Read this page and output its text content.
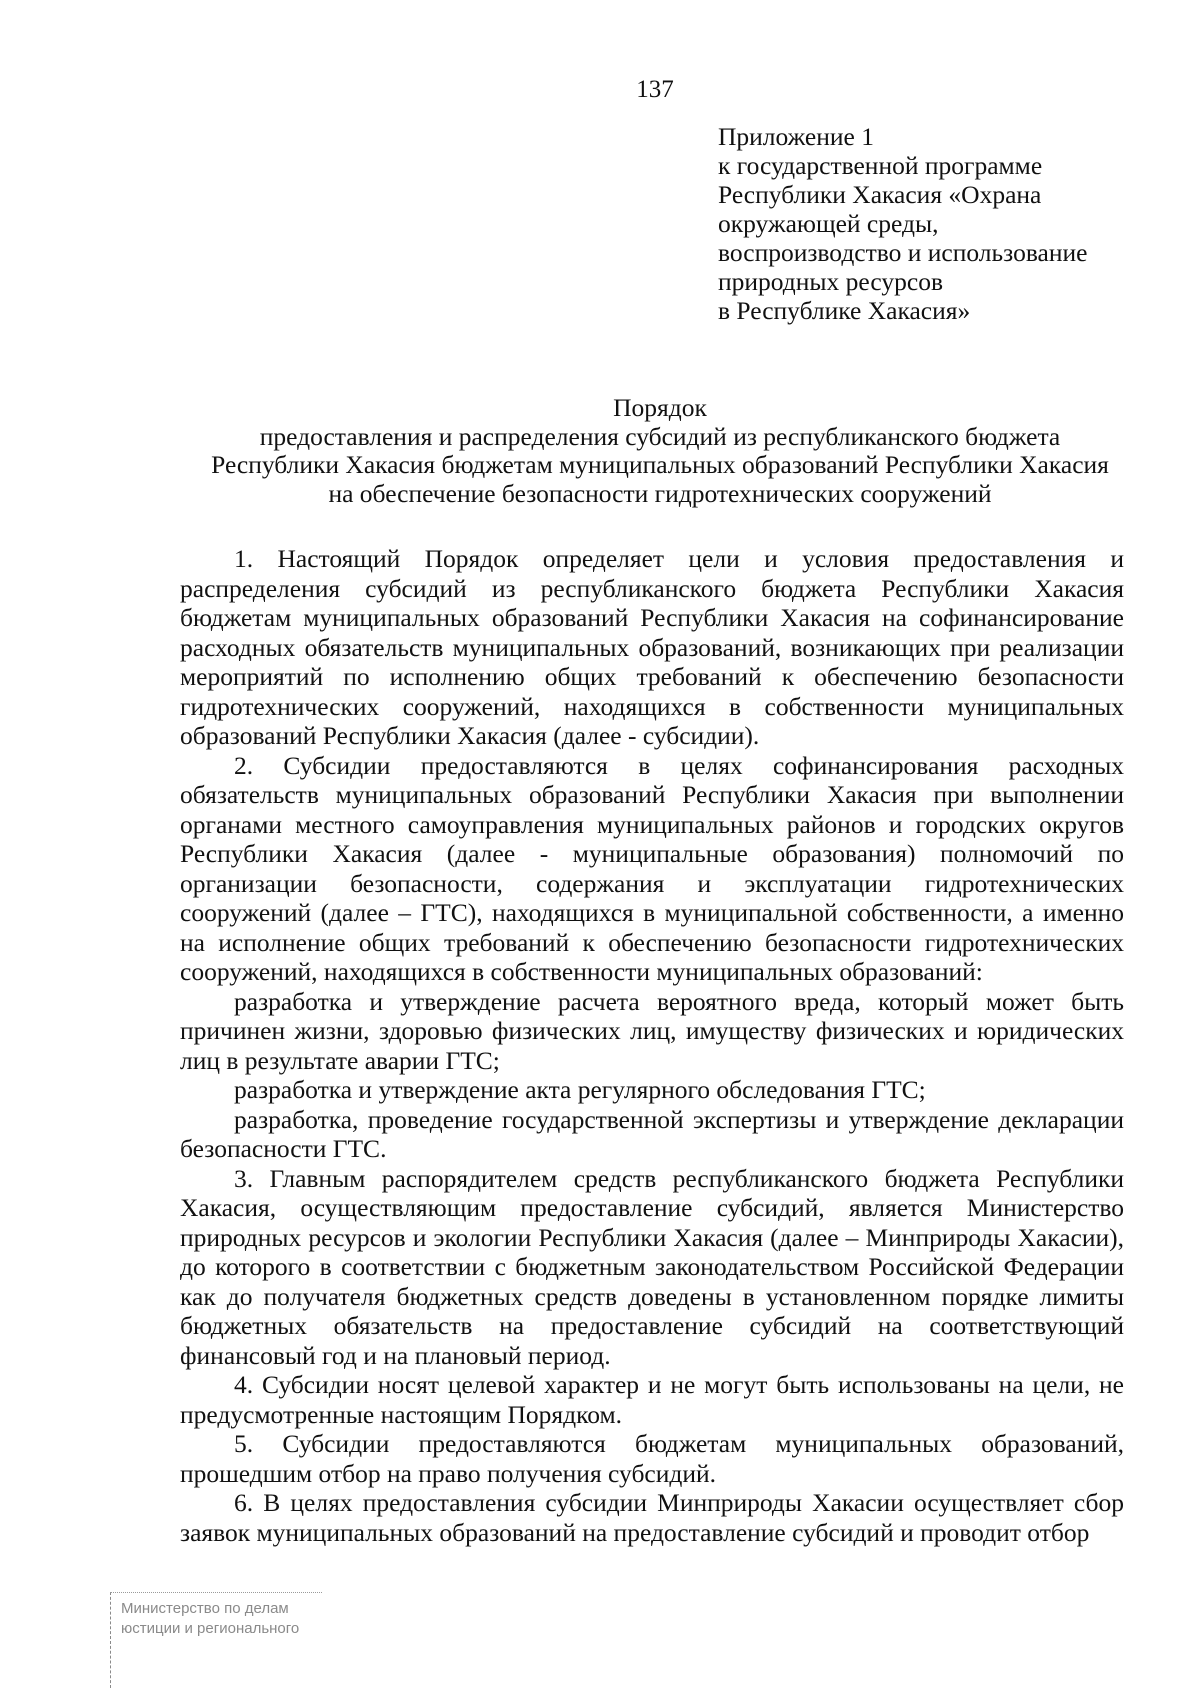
137
Приложение 1
к государственной программе
Республики Хакасия «Охрана
окружающей среды,
воспроизводство и использование
природных ресурсов
в Республике Хакасия»
Порядок
предоставления и распределения субсидий из республиканского бюджета
Республики Хакасия бюджетам муниципальных образований Республики Хакасия
на обеспечение безопасности гидротехнических сооружений

1. Настоящий Порядок определяет цели и условия предоставления и распределения субсидий из республиканского бюджета Республики Хакасия бюджетам муниципальных образований Республики Хакасия на софинансирование расходных обязательств муниципальных образований, возникающих при реализации мероприятий по исполнению общих требований к обеспечению безопасности гидротехнических сооружений, находящихся в собственности муниципальных образований Республики Хакасия (далее - субсидии).

2. Субсидии предоставляются в целях софинансирования расходных обязательств муниципальных образований Республики Хакасия при выполнении органами местного самоуправления муниципальных районов и городских округов Республики Хакасия (далее - муниципальные образования) полномочий по организации безопасности, содержания и эксплуатации гидротехнических сооружений (далее – ГТС), находящихся в муниципальной собственности, а именно на исполнение общих требований к обеспечению безопасности гидротехнических сооружений, находящихся в собственности муниципальных образований:

разработка и утверждение расчета вероятного вреда, который может быть причинен жизни, здоровью физических лиц, имуществу физических и юридических лиц в результате аварии ГТС;

разработка и утверждение акта регулярного обследования ГТС;

разработка, проведение государственной экспертизы и утверждение декларации безопасности ГТС.

3. Главным распорядителем средств республиканского бюджета Республики Хакасия, осуществляющим предоставление субсидий, является Министерство природных ресурсов и экологии Республики Хакасия (далее – Минприроды Хакасии), до которого в соответствии с бюджетным законодательством Российской Федерации как до получателя бюджетных средств доведены в установленном порядке лимиты бюджетных обязательств на предоставление субсидий на соответствующий финансовый год и на плановый период.

4. Субсидии носят целевой характер и не могут быть использованы на цели, не предусмотренные настоящим Порядком.

5. Субсидии предоставляются бюджетам муниципальных образований, прошедшим отбор на право получения субсидий.

6. В целях предоставления субсидии Минприроды Хакасии осуществляет сбор заявок муниципальных образований на предоставление субсидий и проводит отбор

Министерство по делам
юстиции и регионального
